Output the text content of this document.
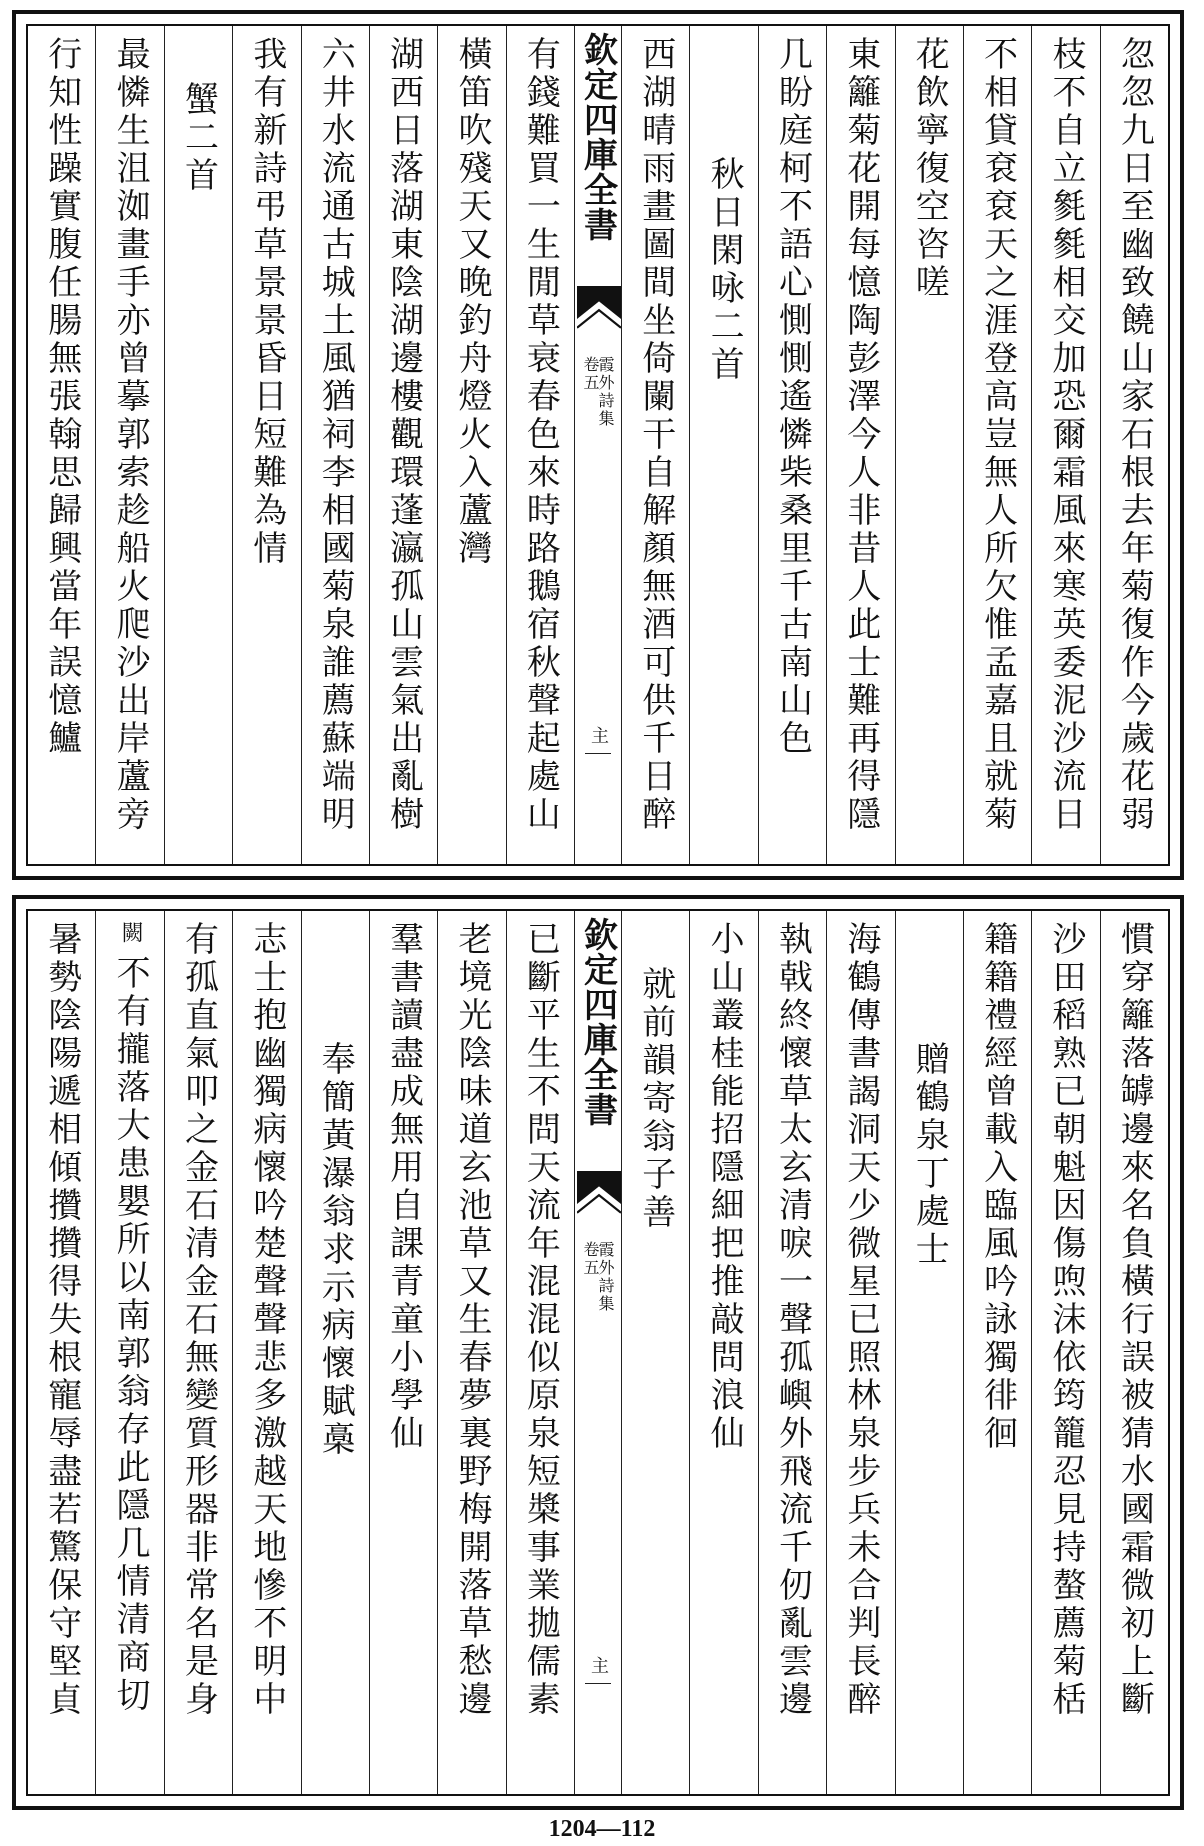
忽忽九日至幽致饒山家石根去年菊復作今歲花弱
枝不自立毿毿相交加恐爾霜風來寒英委泥沙流日
不相貸袞袞天之涯登高豈無人所欠惟孟嘉且就菊
花飲寧復空咨嗟
東籬菊花開每憶陶彭澤今人非昔人此士難再得隱
几盼庭柯不語心惻惻遙憐柴桑里千古南山色
秋日閑咏二首
西湖晴雨畫圖間坐倚闌干自解顏無酒可供千日醉
欽定四庫全書
霞外詩集
卷五
主
有錢難買一生閒草衰春色來時路鵝宿秋聲起處山
橫笛吹殘天又晚釣舟燈火入蘆灣
湖西日落湖東陰湖邊樓觀環蓬瀛孤山雲氣出亂樹
六井水流通古城土風猶祠李相國菊泉誰薦蘇端明
我有新詩弔草景景昏日短難為情
蟹二首
最憐生沮洳畫手亦曾摹郭索趁船火爬沙出岸蘆旁
行知性躁實腹任腸無張翰思歸興當年誤憶鱸
慣穿籬落罅邊來名負橫行誤被猜水國霜微初上斷
沙田稻熟已朝魁因傷喣沫依筠籠忍見持螯薦菊栝
籍籍禮經曾載入臨風吟詠獨徘徊
贈鶴泉丁處士
海鶴傳書謁洞天少微星已照林泉步兵未合判長醉
執戟終懷草太玄清唳一聲孤嶼外飛流千仞亂雲邊
小山叢桂能招隱細把推敲問浪仙
就前韻寄翁子善
欽定四庫全書
霞外詩集
卷五
主
已斷平生不問天流年混混似原泉短槳事業拋儒素
老境光陰味道玄池草又生春夢裏野梅開落草愁邊
羣書讀盡成無用自課青童小學仙
奉簡黃瀑翁求示病懷賦槀
志士抱幽獨病懷吟楚聲聲悲多激越天地慘不明中
有孤直氣叩之金石清金石無變質形器非常名是身
闕
不有攏落大患嬰所以南郭翁存此隱几情清商切
暑勢陰陽遞相傾攢攢得失根寵辱盡若驚保守堅貞
1204—112
